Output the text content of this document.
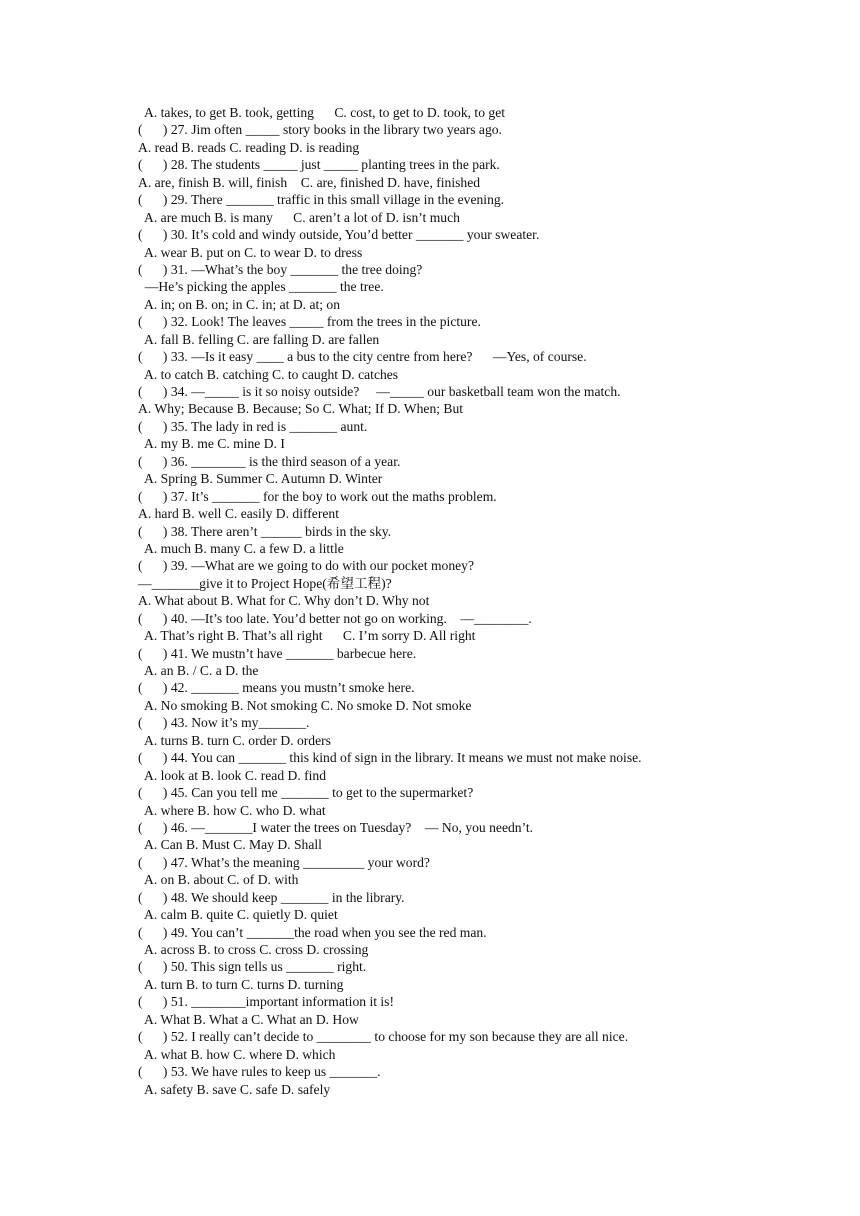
A. takes, to get B. took, getting      C. cost, to get to D. took, to get
(      ) 27. Jim often _____ story books in the library two years ago.
A. read B. reads C. reading D. is reading
(      ) 28. The students _____ just _____ planting trees in the park.
A. are, finish B. will, finish    C. are, finished D. have, finished
(      ) 29. There _______ traffic in this small village in the evening.
A. are much B. is many      C. aren’t a lot of D. isn’t much
(      ) 30. It’s cold and windy outside, You’d better _______ your sweater.
A. wear B. put on C. to wear D. to dress
(      ) 31. —What’s the boy _______ the tree doing?
—He’s picking the apples _______ the tree.
A. in; on B. on; in C. in; at D. at; on
(      ) 32. Look! The leaves _____ from the trees in the picture.
A. fall B. felling C. are falling D. are fallen
(      ) 33. —Is it easy ____ a bus to the city centre from here?      —Yes, of course.
A. to catch B. catching C. to caught D. catches
(      ) 34. —_____ is it so noisy outside?     —_____ our basketball team won the match.
A. Why; Because B. Because; So C. What; If D. When; But
(      ) 35. The lady in red is _______ aunt.
A. my B. me C. mine D. I
(      ) 36. ________ is the third season of a year.
A. Spring B. Summer C. Autumn D. Winter
(      ) 37. It’s _______ for the boy to work out the maths problem.
A. hard B. well C. easily D. different
(      ) 38. There aren’t ______ birds in the sky.
A. much B. many C. a few D. a little
(      ) 39. —What are we going to do with our pocket money?
—_______give it to Project Hope(希望工程)?
A. What about B. What for C. Why don’t D. Why not
(      ) 40. —It’s too late. You’d better not go on working.    —________.
A. That’s right B. That’s all right      C. I’m sorry D. All right
(      ) 41. We mustn’t have _______ barbecue here.
A. an B. / C. a D. the
(      ) 42. _______ means you mustn’t smoke here.
A. No smoking B. Not smoking C. No smoke D. Not smoke
(      ) 43. Now it’s my_______.
A. turns B. turn C. order D. orders
(      ) 44. You can _______ this kind of sign in the library. It means we must not make noise.
A. look at B. look C. read D. find
(      ) 45. Can you tell me _______ to get to the supermarket?
A. where B. how C. who D. what
(      ) 46. —_______I water the trees on Tuesday?    — No, you needn’t.
A. Can B. Must C. May D. Shall
(      ) 47. What’s the meaning _________ your word?
A. on B. about C. of D. with
(      ) 48. We should keep _______ in the library.
A. calm B. quite C. quietly D. quiet
(      ) 49. You can’t _______the road when you see the red man.
A. across B. to cross C. cross D. crossing
(      ) 50. This sign tells us _______ right.
A. turn B. to turn C. turns D. turning
(      ) 51. ________important information it is!
A. What B. What a C. What an D. How
(      ) 52. I really can’t decide to ________ to choose for my son because they are all nice.
A. what B. how C. where D. which
(      ) 53. We have rules to keep us _______.
A. safety B. save C. safe D. safely
